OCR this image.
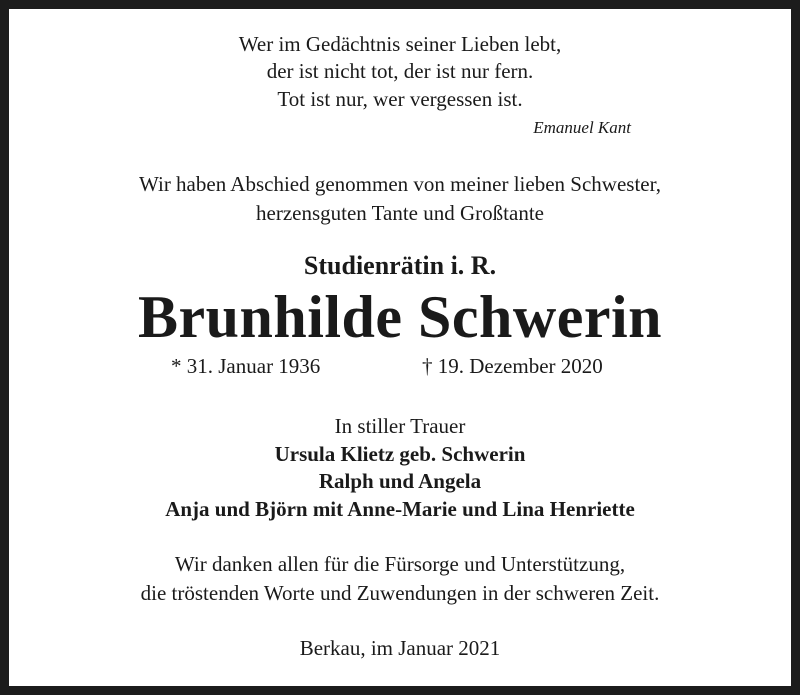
Wer im Gedächtnis seiner Lieben lebt,
der ist nicht tot, der ist nur fern.
Tot ist nur, wer vergessen ist.
Emanuel Kant
Wir haben Abschied genommen von meiner lieben Schwester,
herzensguten Tante und Großtante
Studienrätin i. R.
Brunhilde Schwerin
* 31. Januar 1936	† 19. Dezember 2020
In stiller Trauer
Ursula Klietz geb. Schwerin
Ralph und Angela
Anja und Björn mit Anne-Marie und Lina Henriette
Wir danken allen für die Fürsorge und Unterstützung,
die tröstenden Worte und Zuwendungen in der schweren Zeit.
Berkau, im Januar 2021
